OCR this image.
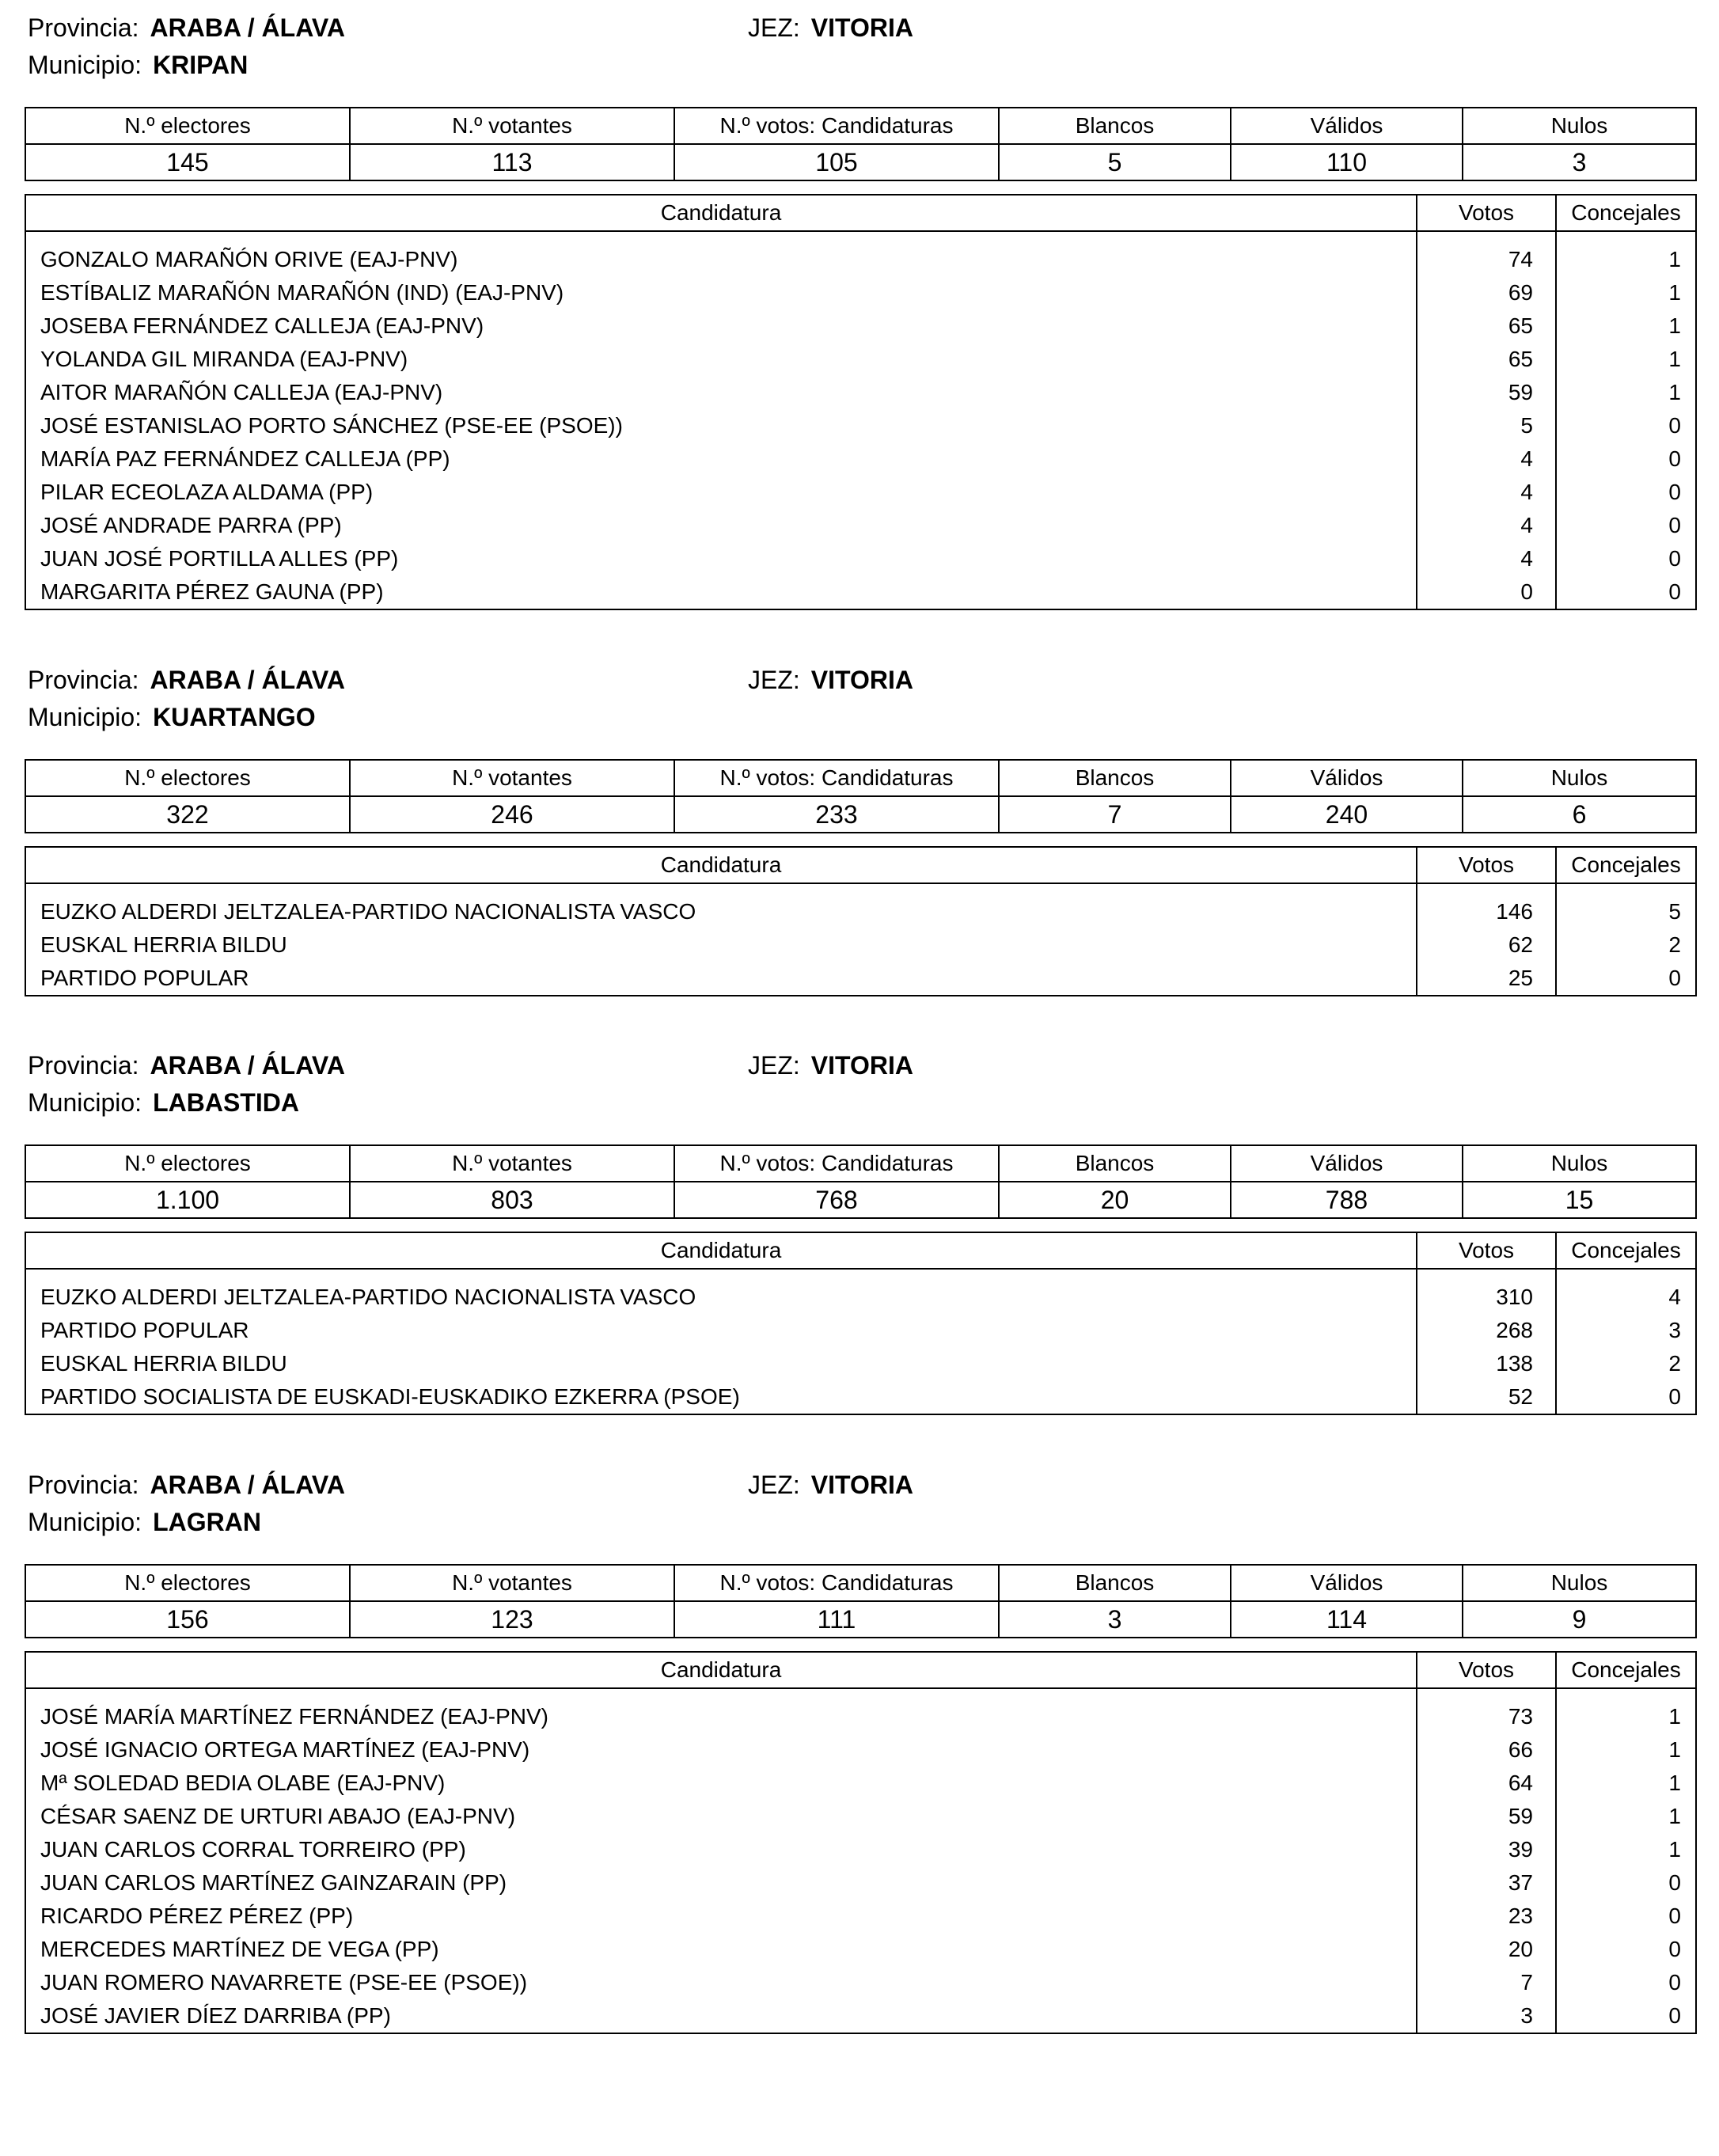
Provincia: ARABA / ÁLAVA	JEZ: VITORIA
Municipio: KRIPAN
N.º electores	N.º votantes	N.º votos: Candidaturas	Blancos	Válidos	Nulos
145	113	105	5	110	3
Candidatura	Votos	Concejales

GONZALO MARAÑÓN ORIVE (EAJ-PNV)	74	1
ESTÍBALIZ MARAÑÓN MARAÑÓN (IND) (EAJ-PNV)	69	1
JOSEBA FERNÁNDEZ CALLEJA (EAJ-PNV)	65	1
YOLANDA GIL MIRANDA (EAJ-PNV)	65	1
AITOR MARAÑÓN CALLEJA (EAJ-PNV)	59	1
JOSÉ ESTANISLAO PORTO SÁNCHEZ (PSE-EE (PSOE))	5	0
MARÍA PAZ FERNÁNDEZ CALLEJA (PP)	4	0
PILAR ECEOLAZA ALDAMA (PP)	4	0
JOSÉ ANDRADE PARRA (PP)	4	0
JUAN JOSÉ PORTILLA ALLES (PP)	4	0
MARGARITA PÉREZ GAUNA (PP)	0	0
Provincia: ARABA / ÁLAVA	JEZ: VITORIA
Municipio: KUARTANGO
N.º electores	N.º votantes	N.º votos: Candidaturas	Blancos	Válidos	Nulos
322	246	233	7	240	6
Candidatura	Votos	Concejales

EUZKO ALDERDI JELTZALEA-PARTIDO NACIONALISTA VASCO	146	5
EUSKAL HERRIA BILDU	62	2
PARTIDO POPULAR	25	0
Provincia: ARABA / ÁLAVA	JEZ: VITORIA
Municipio: LABASTIDA
N.º electores	N.º votantes	N.º votos: Candidaturas	Blancos	Válidos	Nulos
1.100	803	768	20	788	15
Candidatura	Votos	Concejales

EUZKO ALDERDI JELTZALEA-PARTIDO NACIONALISTA VASCO	310	4
PARTIDO POPULAR	268	3
EUSKAL HERRIA BILDU	138	2
PARTIDO SOCIALISTA DE EUSKADI-EUSKADIKO EZKERRA (PSOE)	52	0
Provincia: ARABA / ÁLAVA	JEZ: VITORIA
Municipio: LAGRAN
N.º electores	N.º votantes	N.º votos: Candidaturas	Blancos	Válidos	Nulos
156	123	111	3	114	9
Candidatura	Votos	Concejales

JOSÉ MARÍA MARTÍNEZ FERNÁNDEZ (EAJ-PNV)	73	1
JOSÉ IGNACIO ORTEGA MARTÍNEZ (EAJ-PNV)	66	1
Mª SOLEDAD BEDIA OLABE (EAJ-PNV)	64	1
CÉSAR SAENZ DE URTURI ABAJO (EAJ-PNV)	59	1
JUAN CARLOS CORRAL TORREIRO (PP)	39	1
JUAN CARLOS MARTÍNEZ GAINZARAIN (PP)	37	0
RICARDO PÉREZ PÉREZ (PP)	23	0
MERCEDES MARTÍNEZ DE VEGA (PP)	20	0
JUAN ROMERO NAVARRETE (PSE-EE (PSOE))	7	0
JOSÉ JAVIER DÍEZ DARRIBA (PP)	3	0
